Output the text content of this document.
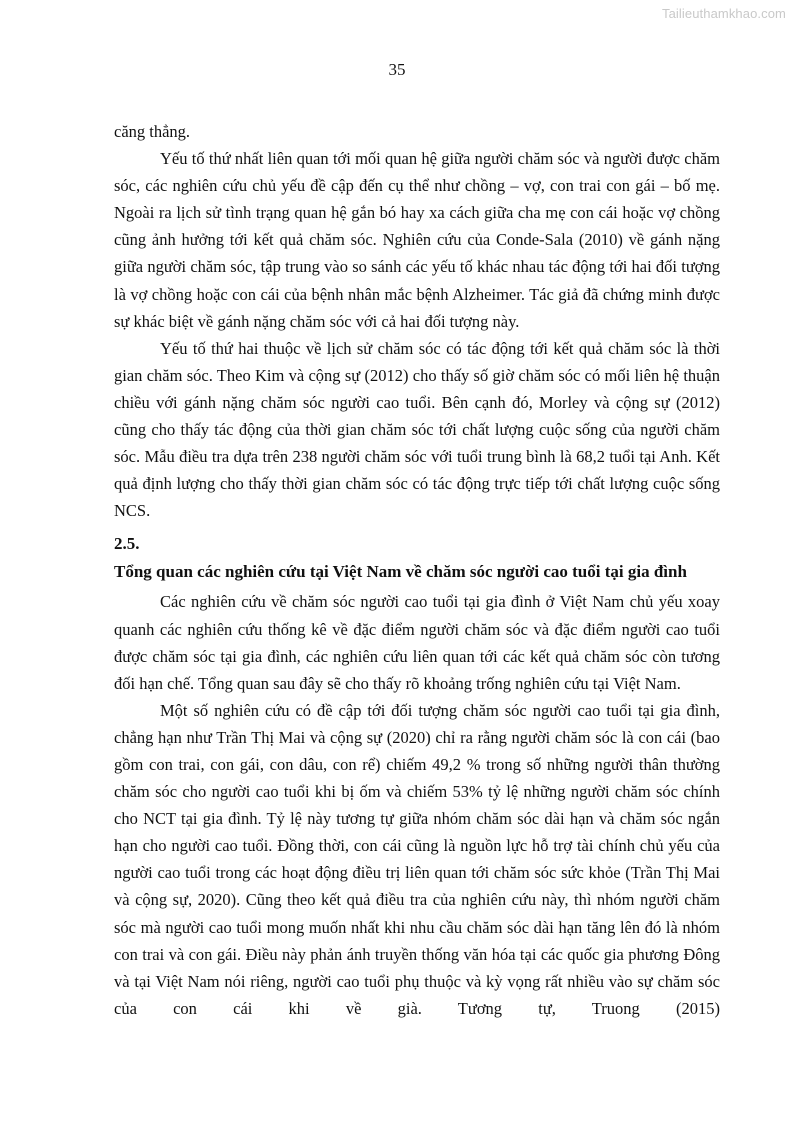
Tailieuthamkhao.com
35

căng thẳng.

Yếu tố thứ nhất liên quan tới mối quan hệ giữa người chăm sóc và người được chăm sóc, các nghiên cứu chủ yếu đề cập đến cụ thể như chồng – vợ, con trai con gái – bố mẹ. Ngoài ra lịch sử tình trạng quan hệ gắn bó hay xa cách giữa cha mẹ con cái hoặc vợ chồng cũng ảnh hưởng tới kết quả chăm sóc. Nghiên cứu của Conde-Sala (2010) về gánh nặng giữa người chăm sóc, tập trung vào so sánh các yếu tố khác nhau tác động tới hai đối tượng là vợ chồng hoặc con cái của bệnh nhân mắc bệnh Alzheimer. Tác giả đã chứng minh được sự khác biệt về gánh nặng chăm sóc với cả hai đối tượng này.

Yếu tố thứ hai thuộc về lịch sử chăm sóc có tác động tới kết quả chăm sóc là thời gian chăm sóc. Theo Kim và cộng sự (2012) cho thấy số giờ chăm sóc có mối liên hệ thuận chiều với gánh nặng chăm sóc người cao tuổi. Bên cạnh đó, Morley và cộng sự (2012) cũng cho thấy tác động của thời gian chăm sóc tới chất lượng cuộc sống của người chăm sóc. Mẫu điều tra dựa trên 238 người chăm sóc với tuổi trung bình là 68,2 tuổi tại Anh. Kết quả định lượng cho thấy thời gian chăm sóc có tác động trực tiếp tới chất lượng cuộc sống NCS.

2.5.
Tổng quan các nghiên cứu tại Việt Nam về chăm sóc người cao tuổi tại gia đình

Các nghiên cứu về chăm sóc người cao tuổi tại gia đình ở Việt Nam chủ yếu xoay quanh các nghiên cứu thống kê về đặc điểm người chăm sóc và đặc điểm người cao tuổi được chăm sóc tại gia đình, các nghiên cứu liên quan tới các kết quả chăm sóc còn tương đối hạn chế. Tổng quan sau đây sẽ cho thấy rõ khoảng trống nghiên cứu tại Việt Nam.

Một số nghiên cứu có đề cập tới đối tượng chăm sóc người cao tuổi tại gia đình, chẳng hạn như Trần Thị Mai và cộng sự (2020) chỉ ra rằng người chăm sóc là con cái (bao gồm con trai, con gái, con dâu, con rể) chiếm 49,2 % trong số những người thân thường chăm sóc cho người cao tuổi khi bị ốm và chiếm 53% tỷ lệ những người chăm sóc chính cho NCT tại gia đình. Tỷ lệ này tương tự giữa nhóm chăm sóc dài hạn và chăm sóc ngắn hạn cho người cao tuổi. Đồng thời, con cái cũng là nguồn lực hỗ trợ tài chính chủ yếu của người cao tuổi trong các hoạt động điều trị liên quan tới chăm sóc sức khỏe (Trần Thị Mai và cộng sự, 2020). Cũng theo kết quả điều tra của nghiên cứu này, thì nhóm người chăm sóc mà người cao tuổi mong muốn nhất khi nhu cầu chăm sóc dài hạn tăng lên đó là nhóm con trai và con gái. Điều này phản ánh truyền thống văn hóa tại các quốc gia phương Đông và tại Việt Nam nói riêng, người cao tuổi phụ thuộc và kỳ vọng rất nhiều vào sự chăm sóc của con cái khi về già. Tương tự, Truong (2015)
